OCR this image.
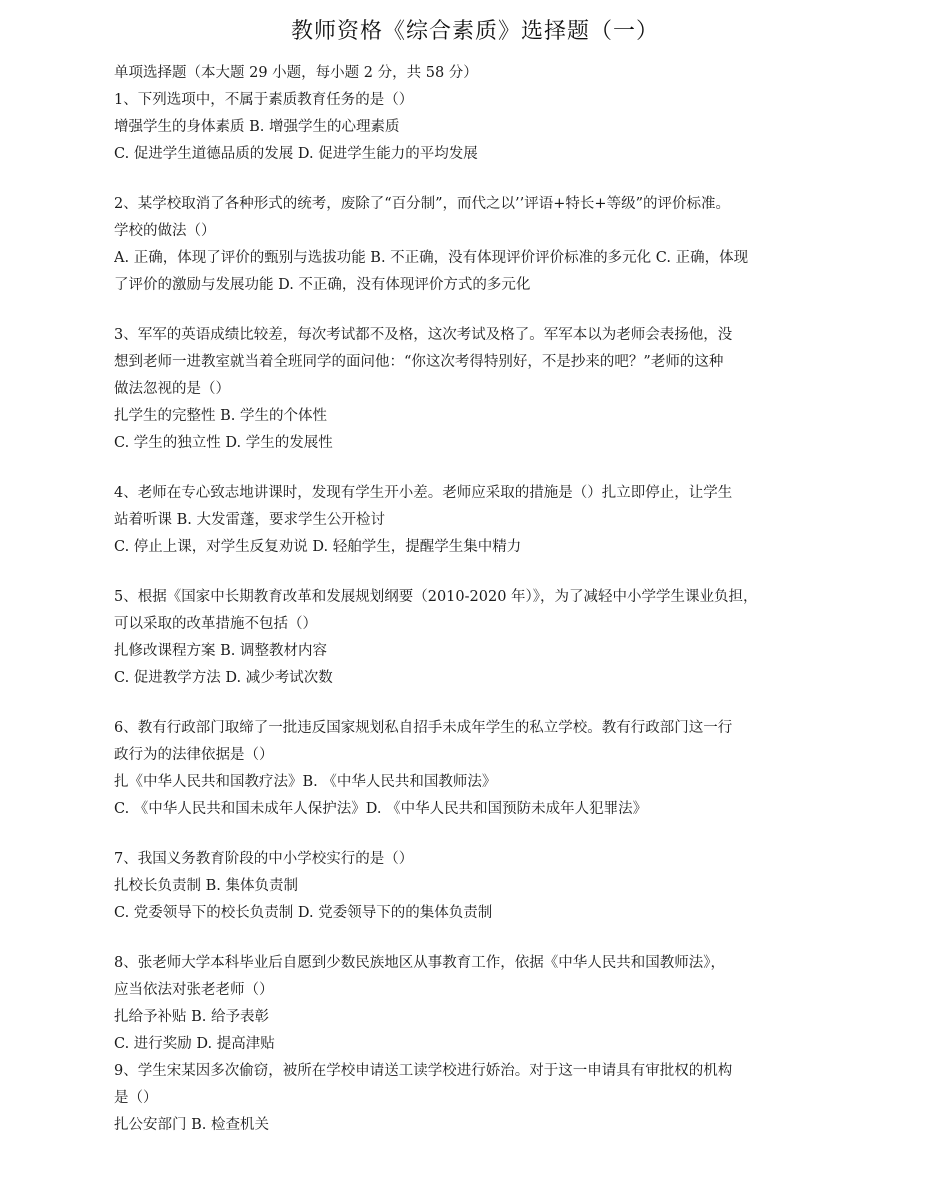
教师资格《综合素质》选择题（一）
单项选择题（本大题 29 小题，每小题 2 分，共 58 分）
1、下列选项中，不属于素质教育任务的是（）
增强学生的身体素质 B. 增强学生的心理素质
C. 促进学生道德品质的发展 D. 促进学生能力的平均发展
2、某学校取消了各种形式的统考，废除了“百分制”，而代之以’’评语+特长+等级”的评价标准。
学校的做法（）
A. 正确，体现了评价的甄别与选拔功能 B. 不正确，没有体现评价评价标准的多元化 C. 正确，体现
了评价的激励与发展功能 D. 不正确，没有体现评价方式的多元化
3、军军的英语成绩比较差，每次考试都不及格，这次考试及格了。军军本以为老师会表扬他，没
想到老师一进教室就当着全班同学的面问他：“你这次考得特别好，不是抄来的吧？”老师的这种
做法忽视的是（）
扎学生的完整性 B. 学生的个体性
C. 学生的独立性 D. 学生的发展性
4、老师在专心致志地讲课时，发现有学生开小差。老师应采取的措施是（）扎立即停止，让学生
站着听课 B. 大发雷蓬，要求学生公开检讨
C. 停止上课，对学生反复劝说 D. 轻舶学生，提醒学生集中精力
5、根据《国家中长期教育改革和发展规划纲要（2010-2020 年）》，为了减轻中小学学生课业负担，
可以采取的改革措施不包括（）
扎修改课程方案 B. 调整教材内容
C. 促进教学方法 D. 减少考试次数
6、教有行政部门取缔了一批违反国家规划私自招手未成年学生的私立学校。教有行政部门这一行
政行为的法律依据是（）
扎《中华人民共和国教疗法》B. 《中华人民共和国教师法》
C. 《中华人民共和国未成年人保护法》D. 《中华人民共和国预防未成年人犯罪法》
7、我国义务教育阶段的中小学校实行的是（）
扎校长负责制 B. 集体负责制
C. 党委领导下的校长负责制 D. 党委领导下的的集体负责制
8、张老师大学本科毕业后自愿到少数民族地区从事教育工作，依据《中华人民共和国教师法》，
应当依法对张老老师（）
扎给予补贴 B. 给予表彰
C. 进行奖励 D. 提高津贴
9、学生宋某因多次偷窃，被所在学校申请送工读学校进行娇治。对于这一申请具有审批权的机构
是（）
扎公安部门 B. 检查机关
